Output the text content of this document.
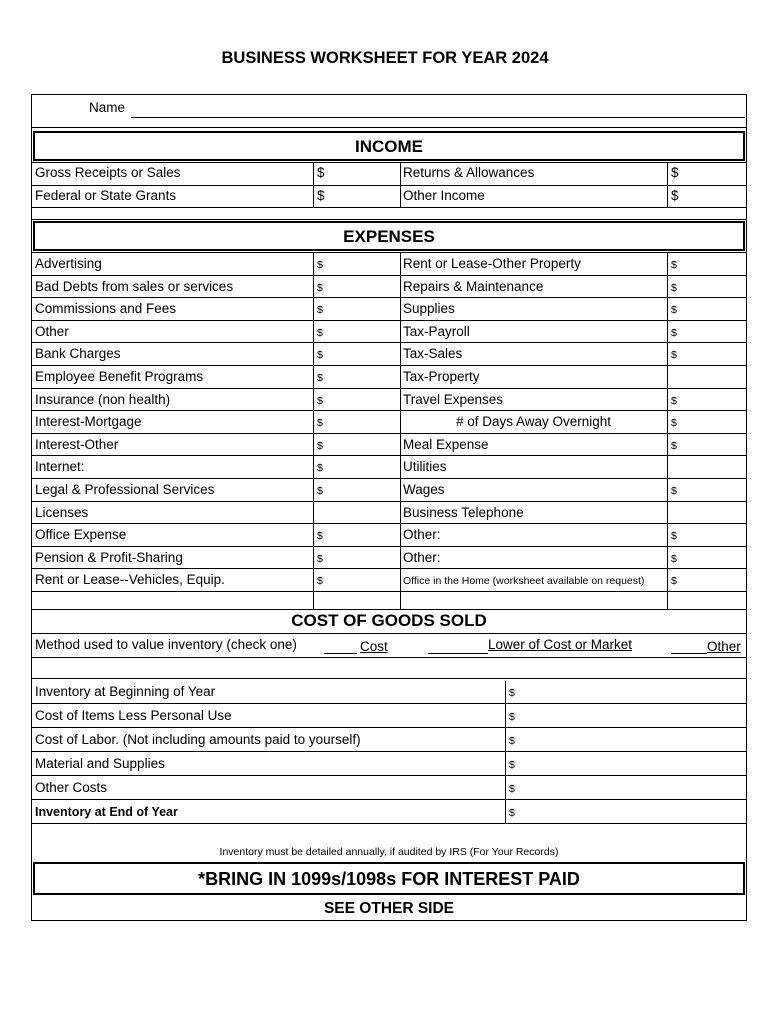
BUSINESS WORKSHEET FOR YEAR 2024
Name
INCOME
Gross Receipts or Sales	$	Returns & Allowances	$
Federal or State Grants	$	Other Income	$
EXPENSES
Advertising	$	Rent or Lease-Other Property	$
Bad Debts from sales or services	$	Repairs & Maintenance	$
Commissions and Fees	$	Supplies	$
Other	$	Tax-Payroll	$
Bank Charges	$	Tax-Sales	$
Employee Benefit Programs	$	Tax-Property
Insurance (non health)	$	Travel Expenses	$
Interest-Mortgage	$	# of Days Away Overnight	$
Interest-Other	$	Meal Expense	$
Internet:	$	Utilities
Legal & Professional Services	$	Wages	$
Licenses	Business Telephone
Office Expense	$	Other:	$
Pension & Profit-Sharing	$	Other:	$
Rent or Lease--Vehicles, Equip.	$	Office in the Home (worksheet available on request)	$
COST OF GOODS SOLD
Method used to value inventory (check one)	Cost	Lower of Cost or Market	Other
Inventory at Beginning of Year	$
Cost of Items Less Personal Use	$
Cost of Labor. (Not including amounts paid to yourself)	$
Material and Supplies	$
Other Costs	$
Inventory at End of Year	$
Inventory must be detailed annually, if audited by IRS (For Your Records)
*BRING IN 1099s/1098s FOR INTEREST PAID
SEE OTHER SIDE
